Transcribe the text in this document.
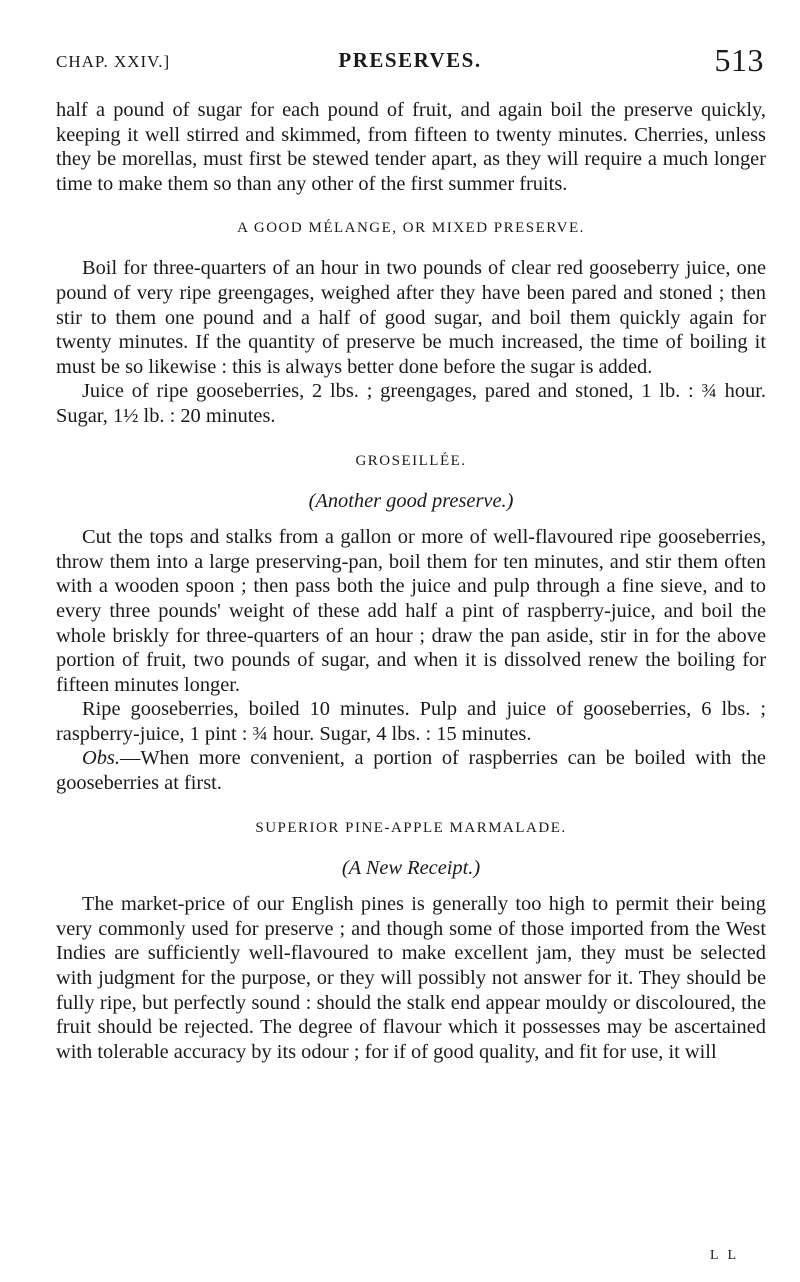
CHAP. XXIV.]	PRESERVES.	513

half a pound of sugar for each pound of fruit, and again boil the preserve quickly, keeping it well stirred and skimmed, from fifteen to twenty minutes. Cherries, unless they be morellas, must first be stewed tender apart, as they will require a much longer time to make them so than any other of the first summer fruits.

A GOOD MÉLANGE, OR MIXED PRESERVE.

Boil for three-quarters of an hour in two pounds of clear red gooseberry juice, one pound of very ripe greengages, weighed after they have been pared and stoned ; then stir to them one pound and a half of good sugar, and boil them quickly again for twenty minutes. If the quantity of preserve be much increased, the time of boiling it must be so likewise : this is always better done before the sugar is added.

Juice of ripe gooseberries, 2 lbs. ; greengages, pared and stoned, 1 lb. : ¾ hour. Sugar, 1½ lb. : 20 minutes.

GROSEILLÉE.
(Another good preserve.)

Cut the tops and stalks from a gallon or more of well-flavoured ripe gooseberries, throw them into a large preserving-pan, boil them for ten minutes, and stir them often with a wooden spoon ; then pass both the juice and pulp through a fine sieve, and to every three pounds' weight of these add half a pint of raspberry-juice, and boil the whole briskly for three-quarters of an hour ; draw the pan aside, stir in for the above portion of fruit, two pounds of sugar, and when it is dissolved renew the boiling for fifteen minutes longer.

Ripe gooseberries, boiled 10 minutes. Pulp and juice of gooseberries, 6 lbs. ; raspberry-juice, 1 pint : ¾ hour. Sugar, 4 lbs. : 15 minutes.

Obs.—When more convenient, a portion of raspberries can be boiled with the gooseberries at first.

SUPERIOR PINE-APPLE MARMALADE.
(A New Receipt.)

The market-price of our English pines is generally too high to permit their being very commonly used for preserve ; and though some of those imported from the West Indies are sufficiently well-flavoured to make excellent jam, they must be selected with judgment for the purpose, or they will possibly not answer for it. They should be fully ripe, but perfectly sound : should the stalk end appear mouldy or discoloured, the fruit should be rejected. The degree of flavour which it possesses may be ascertained with tolerable accuracy by its odour ; for if of good quality, and fit for use, it will

L L
